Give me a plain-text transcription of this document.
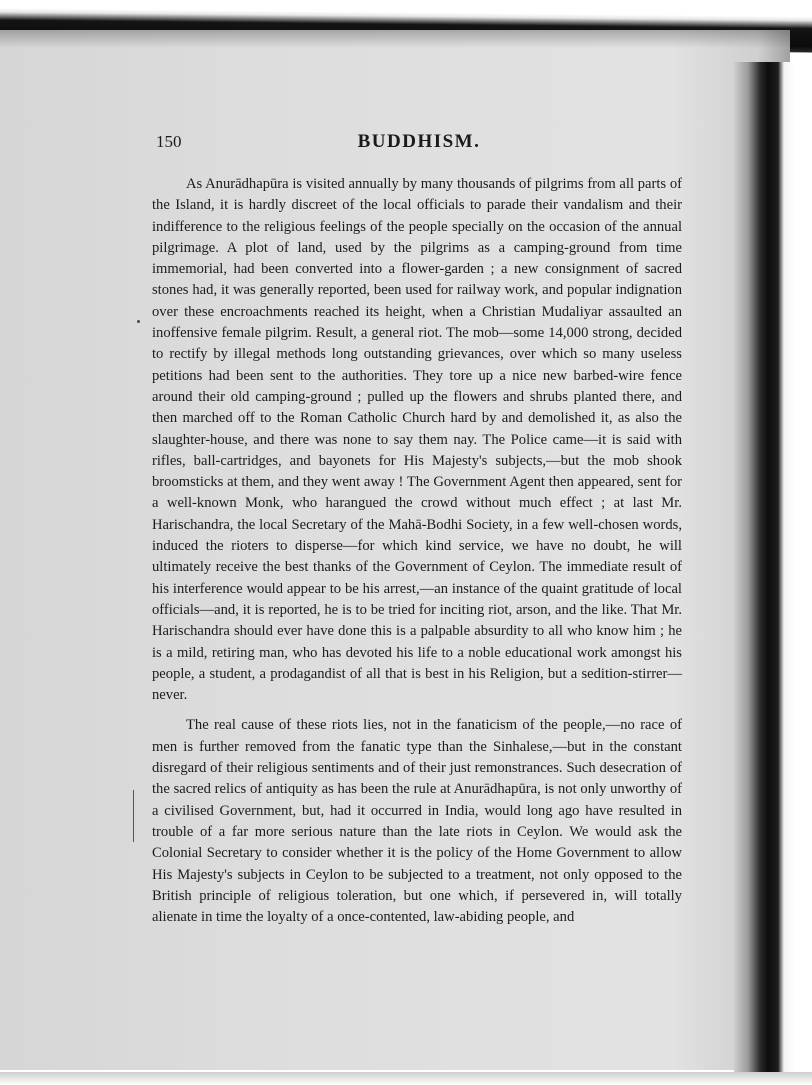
150	BUDDHISM.

As Anurādhapūra is visited annually by many thousands of pilgrims from all parts of the Island, it is hardly discreet of the local officials to parade their vandalism and their indifference to the religious feelings of the people specially on the occasion of the annual pilgrimage. A plot of land, used by the pilgrims as a camping-ground from time immemorial, had been converted into a flower-garden ; a new consignment of sacred stones had, it was generally reported, been used for railway work, and popular indignation over these encroachments reached its height, when a Christian Mudaliyar assaulted an inoffensive female pilgrim. Result, a general riot. The mob—some 14,000 strong, decided to rectify by illegal methods long outstanding grievances, over which so many useless petitions had been sent to the authorities. They tore up a nice new barbed-wire fence around their old camping-ground ; pulled up the flowers and shrubs planted there, and then marched off to the Roman Catholic Church hard by and demolished it, as also the slaughter-house, and there was none to say them nay. The Police came—it is said with rifles, ball-cartridges, and bayonets for His Majesty's subjects,—but the mob shook broomsticks at them, and they went away ! The Government Agent then appeared, sent for a well-known Monk, who harangued the crowd without much effect ; at last Mr. Harischandra, the local Secretary of the Mahā-Bodhi Society, in a few well-chosen words, induced the rioters to disperse—for which kind service, we have no doubt, he will ultimately receive the best thanks of the Government of Ceylon. The immediate result of his interference would appear to be his arrest,—an instance of the quaint gratitude of local officials—and, it is reported, he is to be tried for inciting riot, arson, and the like. That Mr. Harischandra should ever have done this is a palpable absurdity to all who know him ; he is a mild, retiring man, who has devoted his life to a noble educational work amongst his people, a student, a prodagandist of all that is best in his Religion, but a sedition-stirrer—never.

The real cause of these riots lies, not in the fanaticism of the people,—no race of men is further removed from the fanatic type than the Sinhalese,—but in the constant disregard of their religious sentiments and of their just remonstrances. Such desecration of the sacred relics of antiquity as has been the rule at Anurādhapūra, is not only unworthy of a civilised Government, but, had it occurred in India, would long ago have resulted in trouble of a far more serious nature than the late riots in Ceylon. We would ask the Colonial Secretary to consider whether it is the policy of the Home Government to allow His Majesty's subjects in Ceylon to be subjected to a treatment, not only opposed to the British principle of religious toleration, but one which, if persevered in, will totally alienate in time the loyalty of a once-contented, law-abiding people, and
